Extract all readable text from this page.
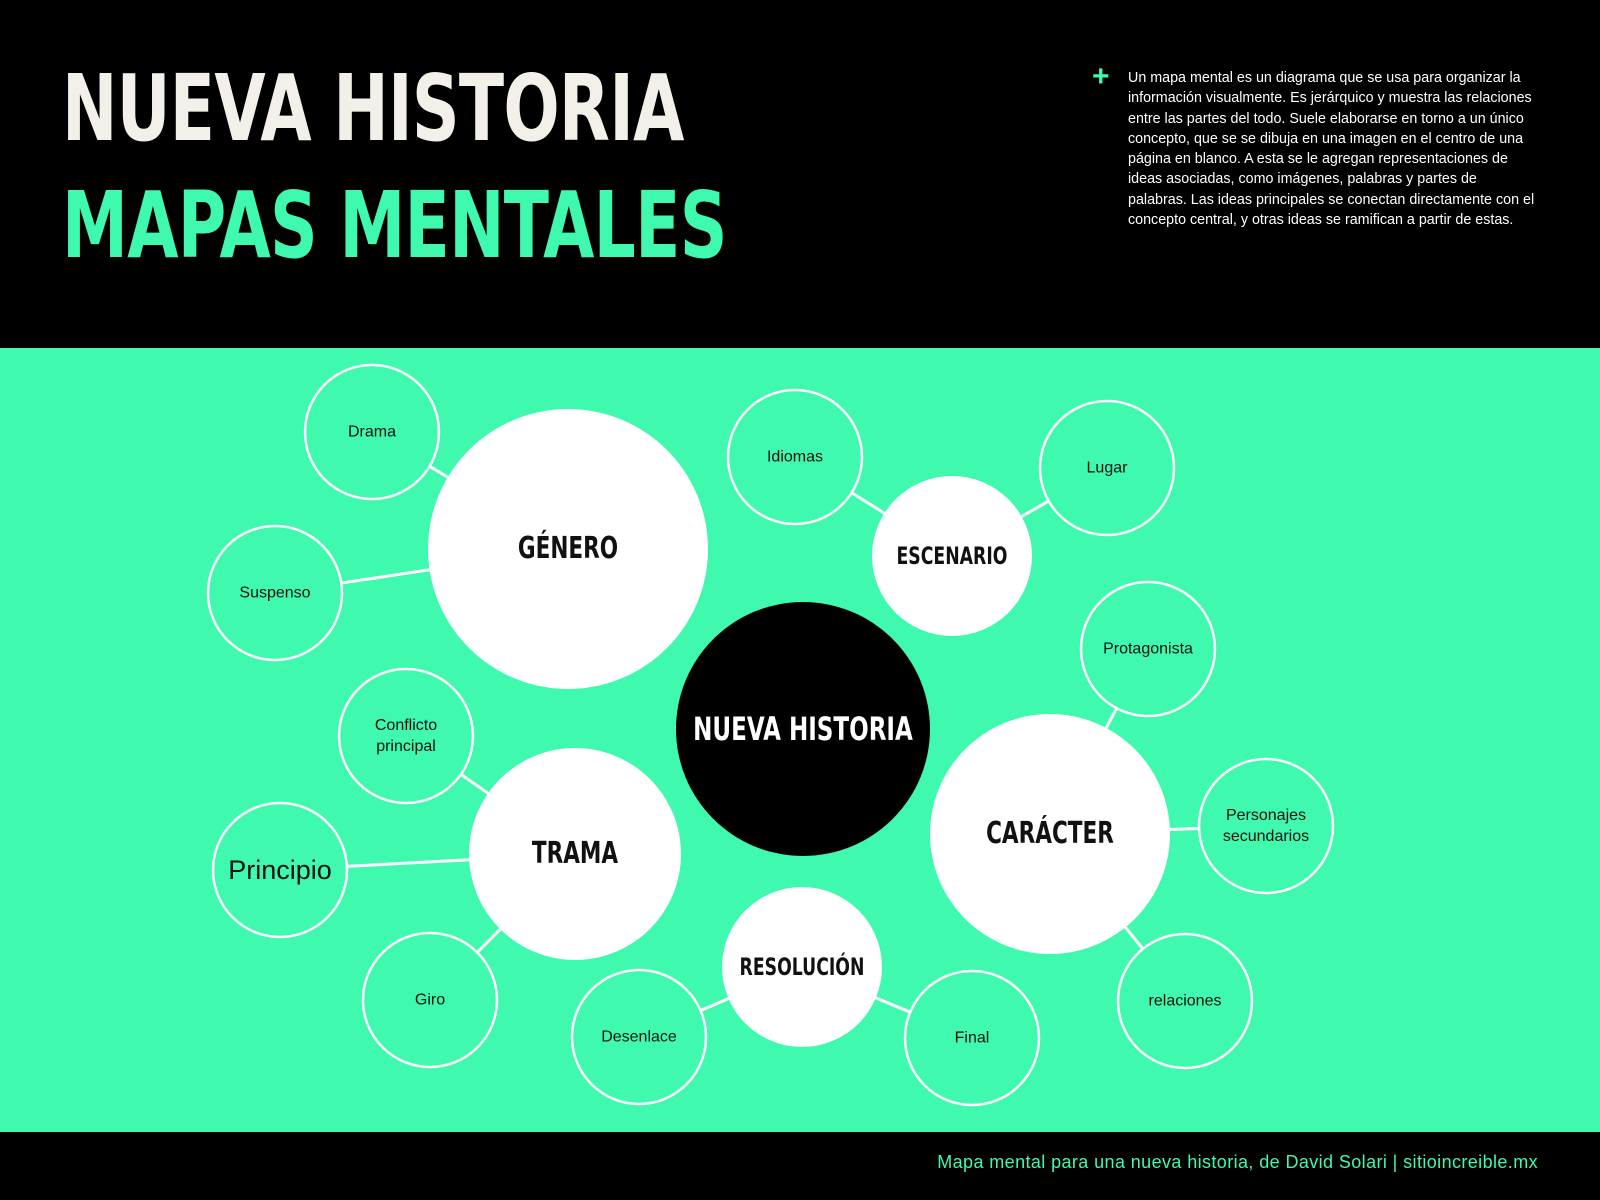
NUEVA HISTORIA
MAPAS MENTALES
+ Un mapa mental es un diagrama que se usa para organizar la información visualmente. Es jerárquico y muestra las relaciones entre las partes del todo. Suele elaborarse en torno a un único concepto, que se se dibuja en una imagen en el centro de una página en blanco. A esta se le agregan representaciones de ideas asociadas, como imágenes, palabras y partes de palabras. Las ideas principales se conectan directamente con el concepto central, y otras ideas se ramifican a partir de estas.

NUEVA HISTORIA
GÉNERO
Drama
Suspenso
ESCENARIO
Idiomas
Lugar
CARÁCTER
Protagonista
Personajes
secundarios
relaciones
RESOLUCIÓN
Desenlace	Final
TRAMA
Conflicto
principal
Principio
Giro
Mapa mental para una nueva historia, de David Solari | sitioincreible.mx
